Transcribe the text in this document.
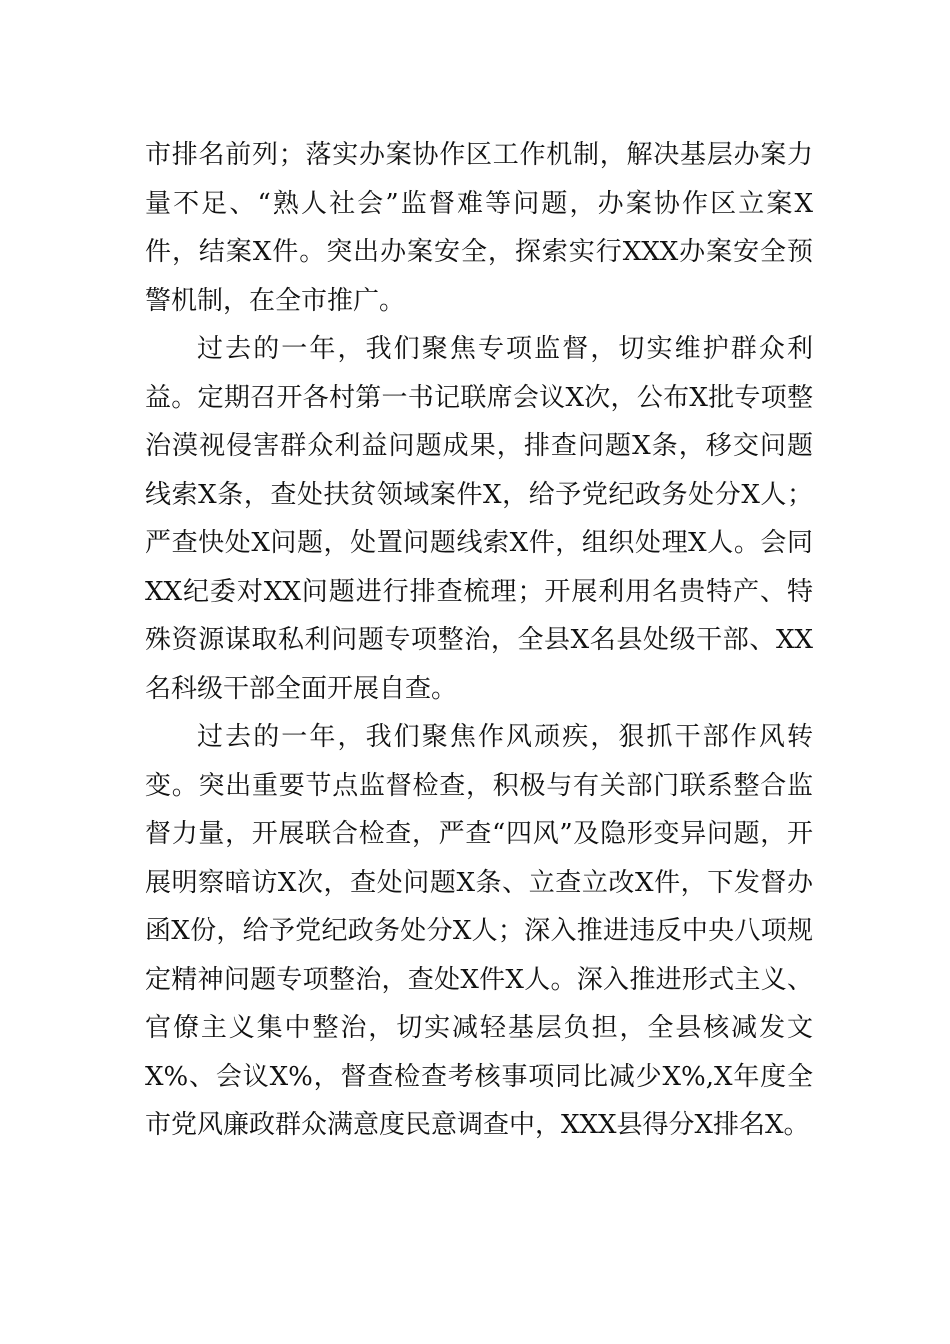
市排名前列；落实办案协作区工作机制，解决基层办案力量不足、“熟人社会”监督难等问题，办案协作区立案X件，结案X件。突出办案安全，探索实行XXX办案安全预警机制，在全市推广。

过去的一年，我们聚焦专项监督，切实维护群众利益。定期召开各村第一书记联席会议X次，公布X批专项整治漠视侵害群众利益问题成果，排查问题X条，移交问题线索X条，查处扶贫领域案件X，给予党纪政务处分X人；严查快处X问题，处置问题线索X件，组织处理X人。会同XX纪委对XX问题进行排查梳理；开展利用名贵特产、特殊资源谋取私利问题专项整治，全县X名县处级干部、XX名科级干部全面开展自查。

过去的一年，我们聚焦作风顽疾，狠抓干部作风转变。突出重要节点监督检查，积极与有关部门联系整合监督力量，开展联合检查，严查“四风”及隐形变异问题，开展明察暗访X次，查处问题X条、立查立改X件，下发督办函X份，给予党纪政务处分X人；深入推进违反中央八项规定精神问题专项整治，查处X件X人。深入推进形式主义、官僚主义集中整治，切实减轻基层负担，全县核减发文X%、会议X%，督查检查考核事项同比减少X%,X年度全市党风廉政群众满意度民意调查中，XXX县得分X排名X。
